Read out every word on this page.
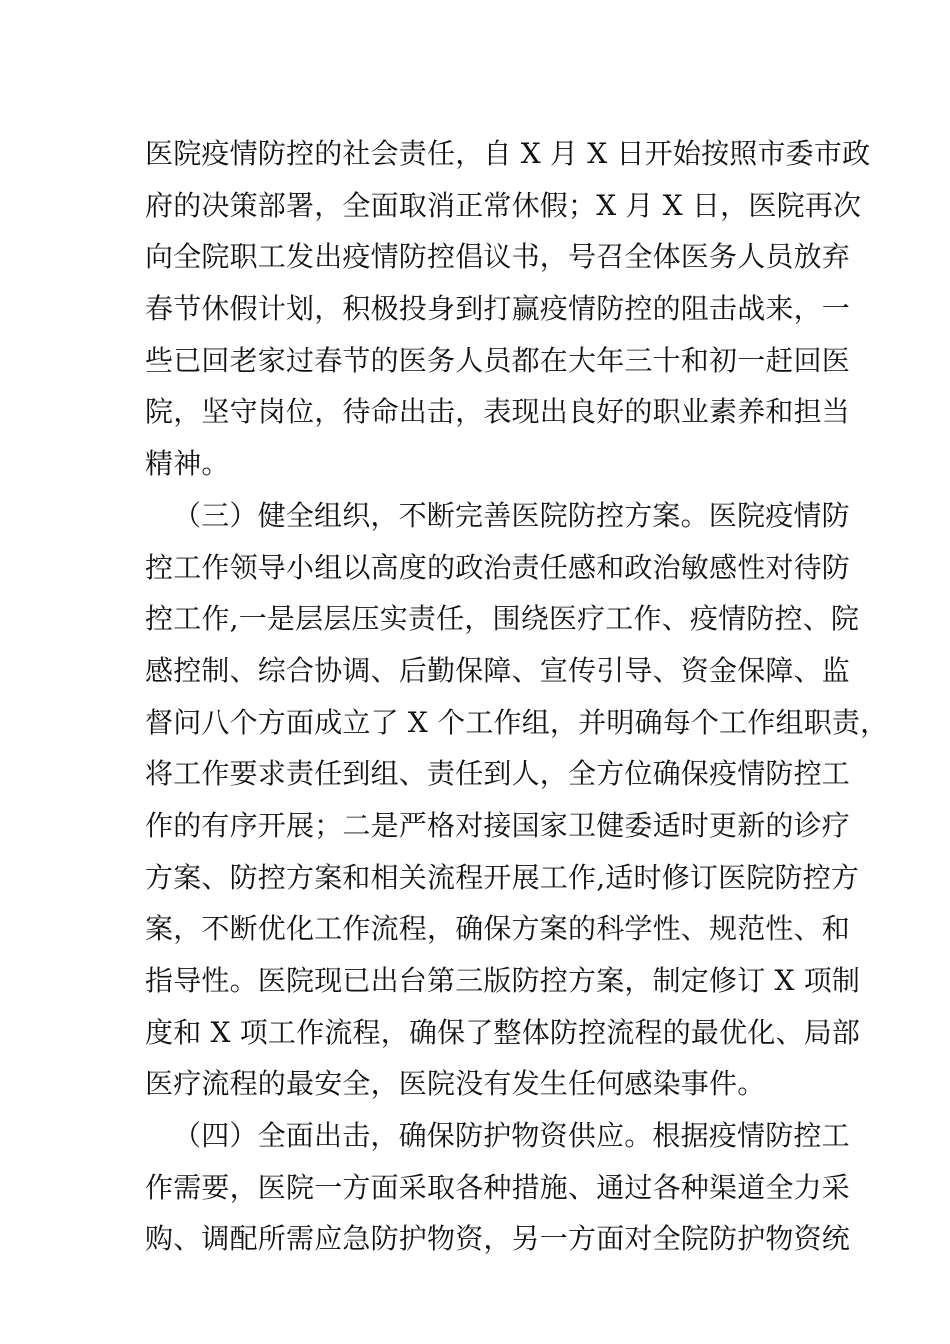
医院疫情防控的社会责任，自 X 月 X 日开始按照市委市政
府的决策部署，全面取消正常休假；X 月 X 日，医院再次
向全院职工发出疫情防控倡议书，号召全体医务人员放弃
春节休假计划，积极投身到打赢疫情防控的阻击战来，一
些已回老家过春节的医务人员都在大年三十和初一赶回医
院，坚守岗位，待命出击，表现出良好的职业素养和担当
精神。
（三）健全组织，不断完善医院防控方案。医院疫情防
控工作领导小组以高度的政治责任感和政治敏感性对待防
控工作,一是层层压实责任，围绕医疗工作、疫情防控、院
感控制、综合协调、后勤保障、宣传引导、资金保障、监
督问八个方面成立了 X 个工作组，并明确每个工作组职责，
将工作要求责任到组、责任到人，全方位确保疫情防控工
作的有序开展；二是严格对接国家卫健委适时更新的诊疗
方案、防控方案和相关流程开展工作,适时修订医院防控方
案，不断优化工作流程，确保方案的科学性、规范性、和
指导性。医院现已出台第三版防控方案，制定修订 X 项制
度和 X 项工作流程，确保了整体防控流程的最优化、局部
医疗流程的最安全，医院没有发生任何感染事件。
（四）全面出击，确保防护物资供应。根据疫情防控工
作需要，医院一方面采取各种措施、通过各种渠道全力采
购、调配所需应急防护物资，另一方面对全院防护物资统
